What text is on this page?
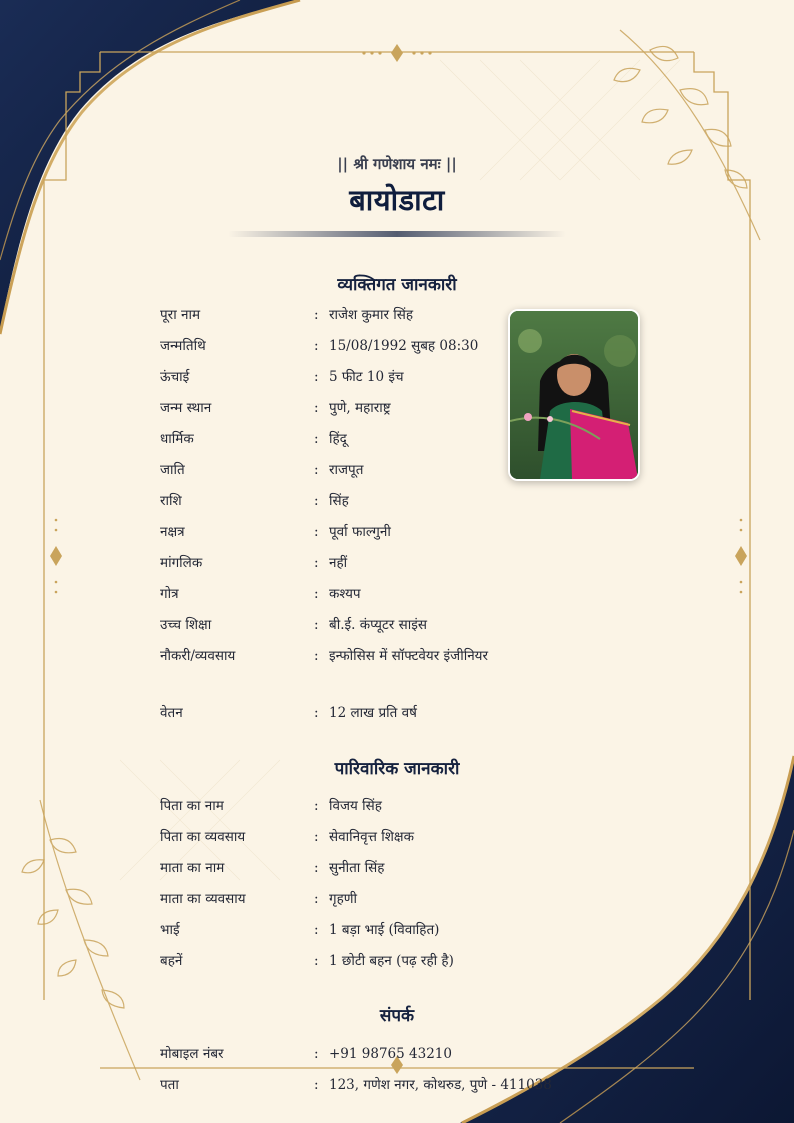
|| श्री गणेशाय नमः ||
बायोडाटा
व्यक्तिगत जानकारी
पूरा नाम	: राजेश कुमार सिंह
जन्मतिथि	: 15/08/1992 सुबह 08:30
ऊंचाई	: 5 फीट 10 इंच
जन्म स्थान	: पुणे, महाराष्ट्र
धार्मिक	: हिंदू
जाति	: राजपूत
राशि	: सिंह
नक्षत्र	: पूर्वा फाल्गुनी
मांगलिक	: नहीं
गोत्र	: कश्यप
उच्च शिक्षा	: बी.ई. कंप्यूटर साइंस
नौकरी/व्यवसाय	: इन्फोसिस में सॉफ्टवेयर इंजीनियर
वेतन	: 12 लाख प्रति वर्ष
पारिवारिक जानकारी
पिता का नाम	: विजय सिंह
पिता का व्यवसाय	: सेवानिवृत्त शिक्षक
माता का नाम	: सुनीता सिंह
माता का व्यवसाय	: गृहणी
भाई	: 1 बड़ा भाई (विवाहित)
बहनें	: 1 छोटी बहन (पढ़ रही है)
संपर्क
मोबाइल नंबर	: +91 98765 43210
पता	: 123, गणेश नगर, कोथरुड, पुणे - 411038
